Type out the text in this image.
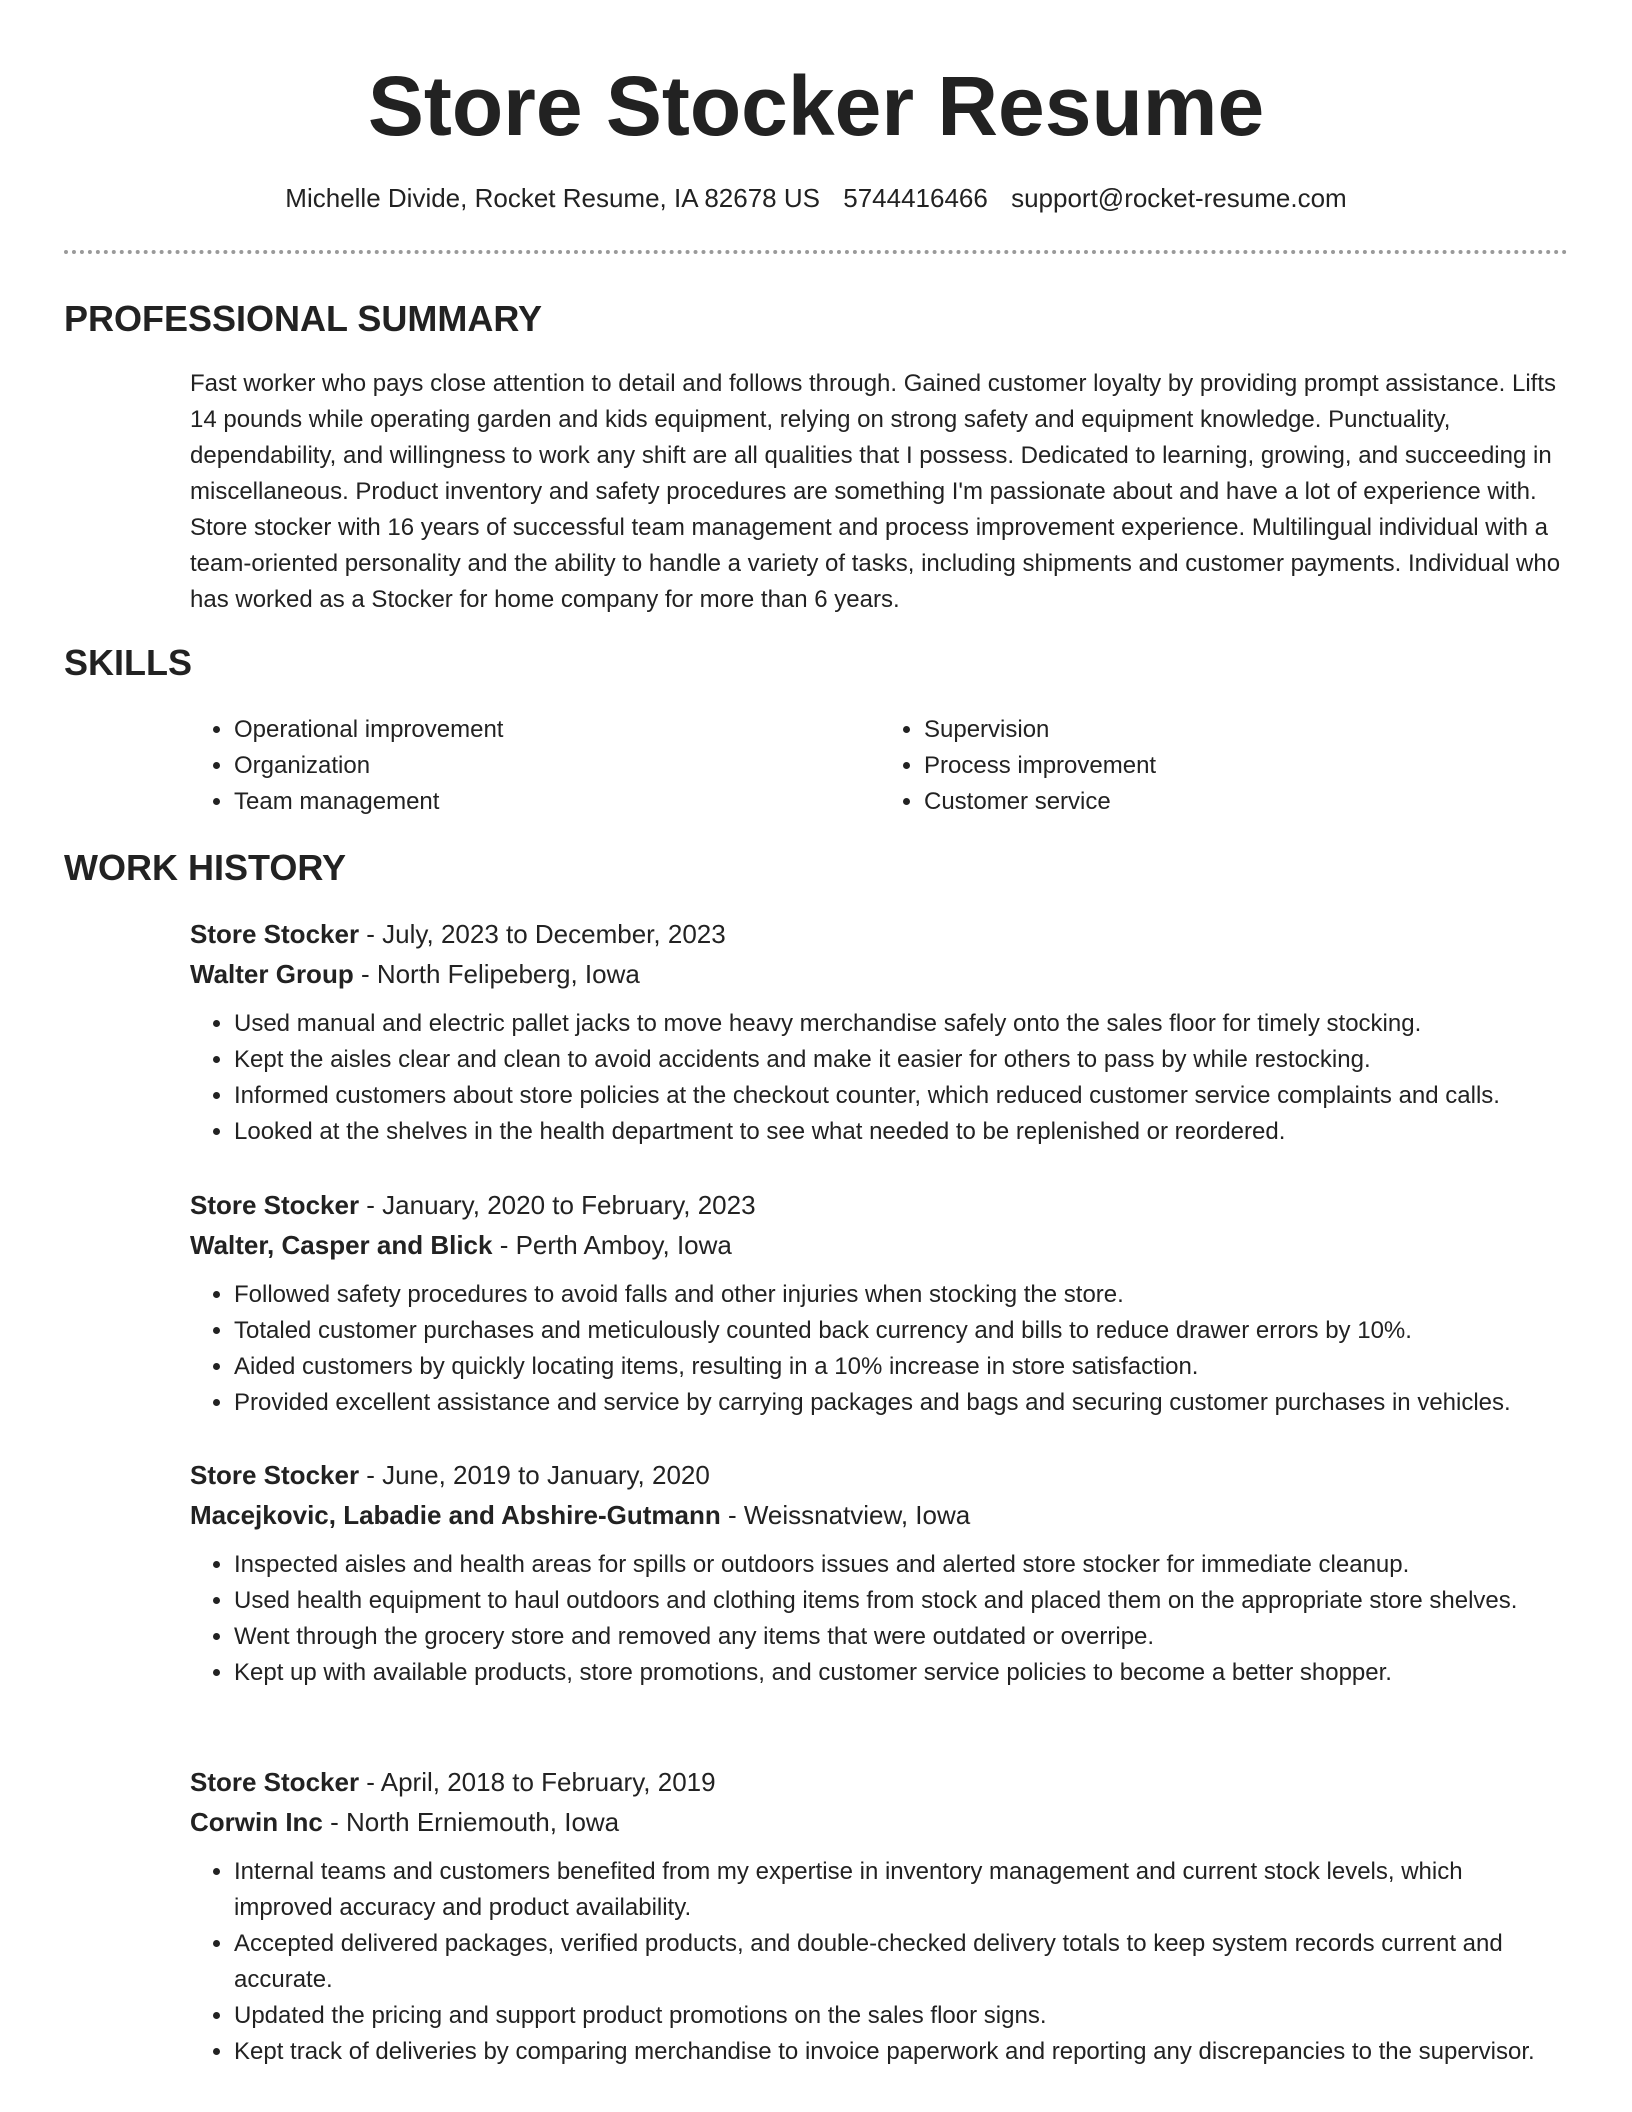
Store Stocker Resume
Michelle Divide, Rocket Resume, IA 82678 US 5744416466 support@rocket-resume.com
PROFESSIONAL SUMMARY

Fast worker who pays close attention to detail and follows through. Gained customer loyalty by providing prompt assistance. Lifts 14 pounds while operating garden and kids equipment, relying on strong safety and equipment knowledge. Punctuality, dependability, and willingness to work any shift are all qualities that I possess. Dedicated to learning, growing, and succeeding in miscellaneous. Product inventory and safety procedures are something I'm passionate about and have a lot of experience with. Store stocker with 16 years of successful team management and process improvement experience. Multilingual individual with a team-oriented personality and the ability to handle a variety of tasks, including shipments and customer payments. Individual who has worked as a Stocker for home company for more than 6 years.

SKILLS
• Operational improvement
• Organization
• Team management
• Supervision
• Process improvement
• Customer service
WORK HISTORY
Store Stocker - July, 2023 to December, 2023
Walter Group - North Felipeberg, Iowa
• Used manual and electric pallet jacks to move heavy merchandise safely onto the sales floor for timely stocking.
• Kept the aisles clear and clean to avoid accidents and make it easier for others to pass by while restocking.
• Informed customers about store policies at the checkout counter, which reduced customer service complaints and calls.
• Looked at the shelves in the health department to see what needed to be replenished or reordered.
Store Stocker - January, 2020 to February, 2023
Walter, Casper and Blick - Perth Amboy, Iowa
• Followed safety procedures to avoid falls and other injuries when stocking the store.
• Totaled customer purchases and meticulously counted back currency and bills to reduce drawer errors by 10%.
• Aided customers by quickly locating items, resulting in a 10% increase in store satisfaction.
• Provided excellent assistance and service by carrying packages and bags and securing customer purchases in vehicles.
Store Stocker - June, 2019 to January, 2020
Macejkovic, Labadie and Abshire-Gutmann - Weissnatview, Iowa
• Inspected aisles and health areas for spills or outdoors issues and alerted store stocker for immediate cleanup.
• Used health equipment to haul outdoors and clothing items from stock and placed them on the appropriate store shelves.
• Went through the grocery store and removed any items that were outdated or overripe.
• Kept up with available products, store promotions, and customer service policies to become a better shopper.
Store Stocker - April, 2018 to February, 2019
Corwin Inc - North Erniemouth, Iowa
• Internal teams and customers benefited from my expertise in inventory management and current stock levels, which improved accuracy and product availability.
• Accepted delivered packages, verified products, and double-checked delivery totals to keep system records current and accurate.
• Updated the pricing and support product promotions on the sales floor signs.
• Kept track of deliveries by comparing merchandise to invoice paperwork and reporting any discrepancies to the supervisor.
